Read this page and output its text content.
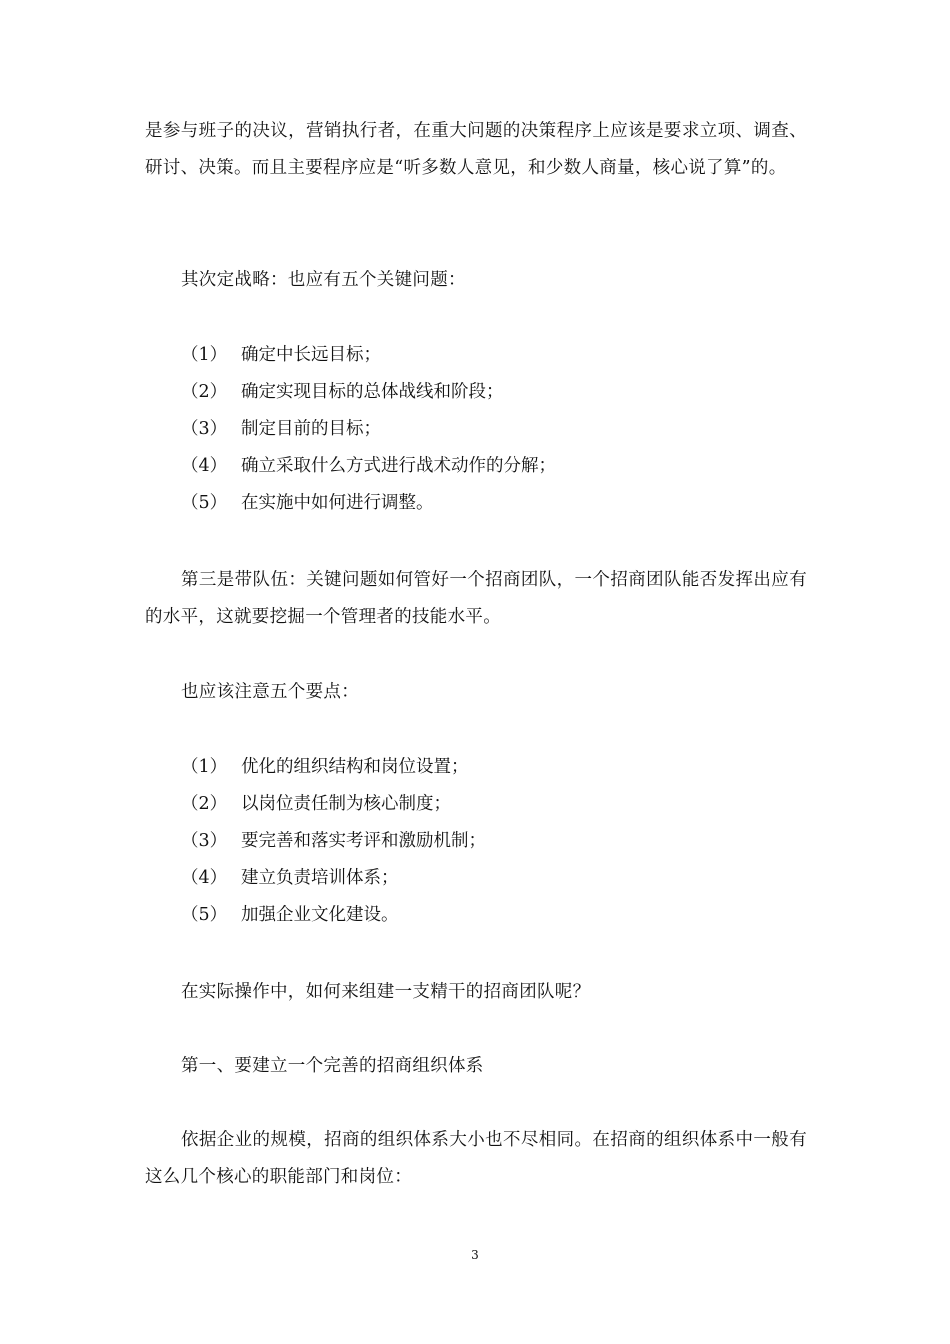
是参与班子的决议，营销执行者，在重大问题的决策程序上应该是要求立项、调查、研讨、决策。而且主要程序应是“听多数人意见，和少数人商量，核心说了算”的。

其次定战略：也应有五个关键问题：

（1） 确定中长远目标；
（2） 确定实现目标的总体战线和阶段；
（3） 制定目前的目标；
（4） 确立采取什么方式进行战术动作的分解；
（5） 在实施中如何进行调整。

第三是带队伍：关键问题如何管好一个招商团队，一个招商团队能否发挥出应有的水平，这就要挖掘一个管理者的技能水平。

也应该注意五个要点：

（1） 优化的组织结构和岗位设置；
（2） 以岗位责任制为核心制度；
（3） 要完善和落实考评和激励机制；
（4） 建立负责培训体系；
（5） 加强企业文化建设。

在实际操作中，如何来组建一支精干的招商团队呢？

第一、要建立一个完善的招商组织体系

依据企业的规模，招商的组织体系大小也不尽相同。在招商的组织体系中一般有这么几个核心的职能部门和岗位：

3
